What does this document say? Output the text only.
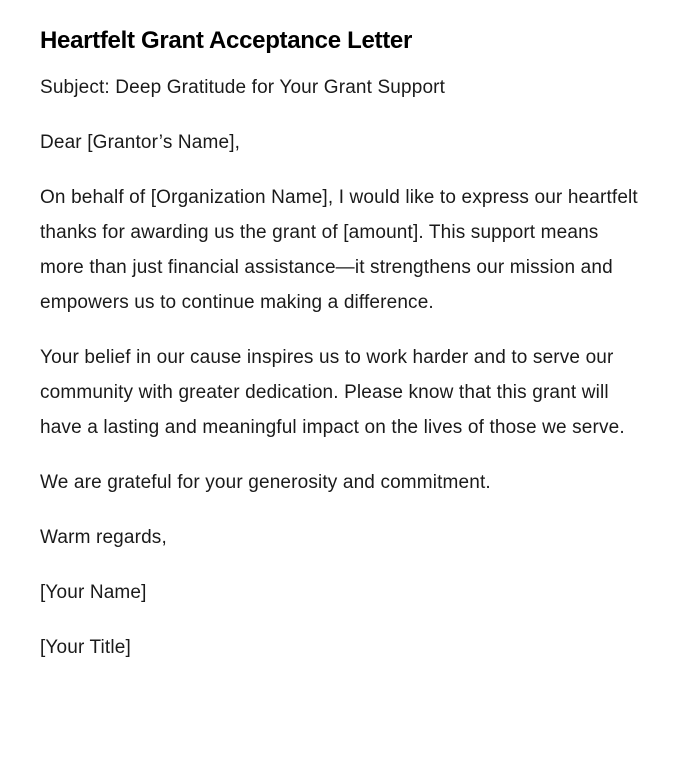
Heartfelt Grant Acceptance Letter

Subject: Deep Gratitude for Your Grant Support

Dear [Grantor’s Name],

On behalf of [Organization Name], I would like to express our heartfelt thanks for awarding us the grant of [amount]. This support means more than just financial assistance—it strengthens our mission and empowers us to continue making a difference.

Your belief in our cause inspires us to work harder and to serve our community with greater dedication. Please know that this grant will have a lasting and meaningful impact on the lives of those we serve.

We are grateful for your generosity and commitment.

Warm regards,

[Your Name]

[Your Title]
